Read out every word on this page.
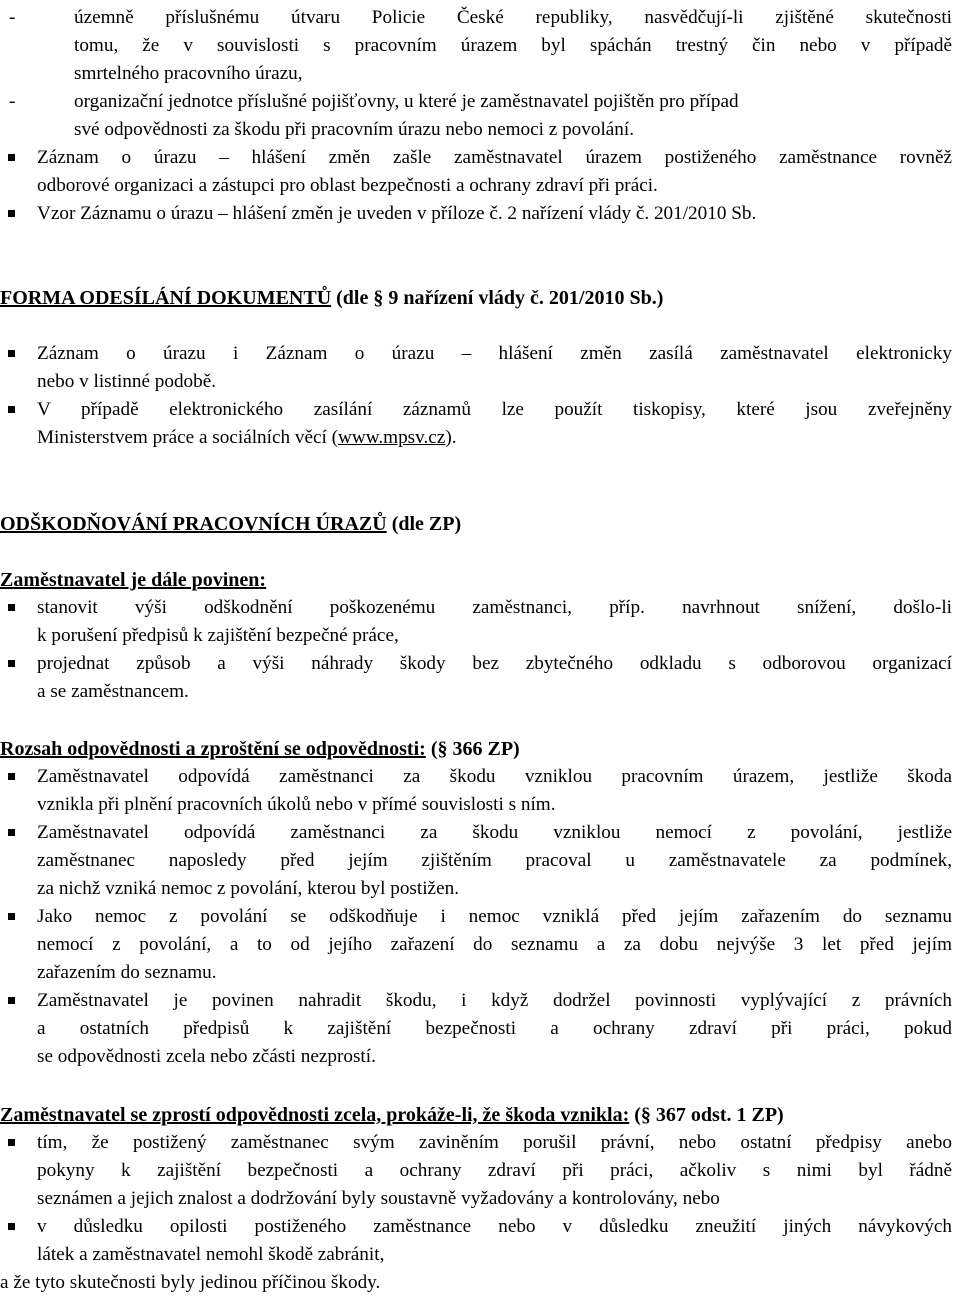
-	územně příslušnému útvaru Policie České republiky, nasvědčují-li zjištěné skutečnosti
tomu, že v souvislosti s pracovním úrazem byl spáchán trestný čin nebo v případě
smrtelného pracovního úrazu,
-	organizační jednotce příslušné pojišťovny, u které je zaměstnavatel pojištěn pro případ
své odpovědnosti za škodu při pracovním úrazu nebo nemoci z povolání.
Záznam o úrazu – hlášení změn zašle zaměstnavatel úrazem postiženého zaměstnance rovněž
odborové organizaci a zástupci pro oblast bezpečnosti a ochrany zdraví při práci.
Vzor Záznamu o úrazu – hlášení změn je uveden v příloze č. 2 nařízení vlády č. 201/2010 Sb.
FORMA ODESÍLÁNÍ DOKUMENTŮ (dle § 9 nařízení vlády č. 201/2010 Sb.)
Záznam o úrazu i Záznam o úrazu – hlášení změn zasílá zaměstnavatel elektronicky
nebo v listinné podobě.
V případě elektronického zasílání záznamů lze použít tiskopisy, které jsou zveřejněny
Ministerstvem práce a sociálních věcí (www.mpsv.cz).
ODŠKODŇOVÁNÍ PRACOVNÍCH ÚRAZŮ (dle ZP)
Zaměstnavatel je dále povinen:
stanovit výši odškodnění poškozenému zaměstnanci, příp. navrhnout snížení, došlo-li
k porušení předpisů k zajištění bezpečné práce,
projednat způsob a výši náhrady škody bez zbytečného odkladu s odborovou organizací
a se zaměstnancem.
Rozsah odpovědnosti a zproštění se odpovědnosti: (§ 366 ZP)
Zaměstnavatel odpovídá zaměstnanci za škodu vzniklou pracovním úrazem, jestliže škoda
vznikla při plnění pracovních úkolů nebo v přímé souvislosti s ním.
Zaměstnavatel odpovídá zaměstnanci za škodu vzniklou nemocí z povolání, jestliže
zaměstnanec naposledy před jejím zjištěním pracoval u zaměstnavatele za podmínek,
za nichž vzniká nemoc z povolání, kterou byl postižen.
Jako nemoc z povolání se odškodňuje i nemoc vzniklá před jejím zařazením do seznamu
nemocí z povolání, a to od jejího zařazení do seznamu a za dobu nejvýše 3 let před jejím
zařazením do seznamu.
Zaměstnavatel je povinen nahradit škodu, i když dodržel povinnosti vyplývající z právních
a ostatních předpisů k zajištění bezpečnosti a ochrany zdraví při práci, pokud
se odpovědnosti zcela nebo zčásti nezprostí.
Zaměstnavatel se zprostí odpovědnosti zcela, prokáže-li, že škoda vznikla: (§ 367 odst. 1 ZP)
tím, že postižený zaměstnanec svým zaviněním porušil právní, nebo ostatní předpisy anebo
pokyny k zajištění bezpečnosti a ochrany zdraví při práci, ačkoliv s nimi byl řádně
seznámen a jejich znalost a dodržování byly soustavně vyžadovány a kontrolovány, nebo
v důsledku opilosti postiženého zaměstnance nebo v důsledku zneužití jiných návykových
látek a zaměstnavatel nemohl škodě zabránit,
a že tyto skutečnosti byly jedinou příčinou škody.
